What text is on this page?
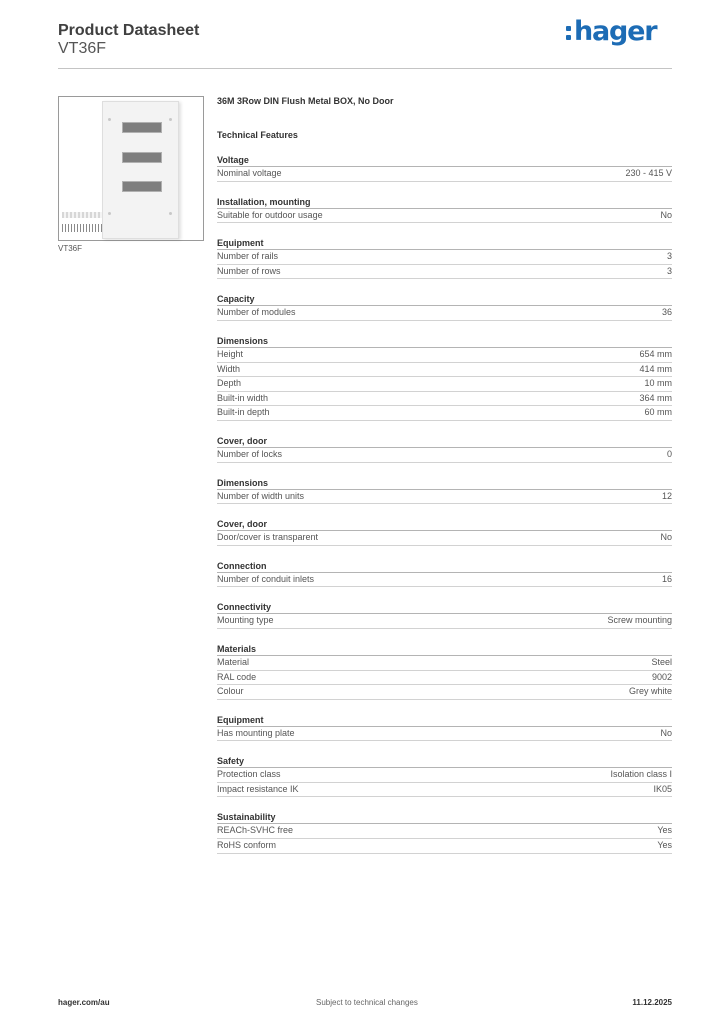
Product Datasheet
VT36F
hager
VT36F
36M 3Row DIN Flush Metal BOX, No Door
Technical Features
Voltage
Nominal voltage	230 - 415 V
Installation, mounting
Suitable for outdoor usage	No
Equipment
Number of rails	3
Number of rows	3
Capacity
Number of modules	36
Dimensions
Height	654 mm
Width	414 mm
Depth	10 mm
Built-in width	364 mm
Built-in depth	60 mm
Cover, door
Number of locks	0
Dimensions
Number of width units	12
Cover, door
Door/cover is transparent	No
Connection
Number of conduit inlets	16
Connectivity
Mounting type	Screw mounting
Materials
Material	Steel
RAL code	9002
Colour	Grey white
Equipment
Has mounting plate	No
Safety
Protection class	Isolation class I
Impact resistance IK	IK05
Sustainability
REACh-SVHC free	Yes
RoHS conform	Yes
hager.com/au	Subject to technical changes	11.12.2025
